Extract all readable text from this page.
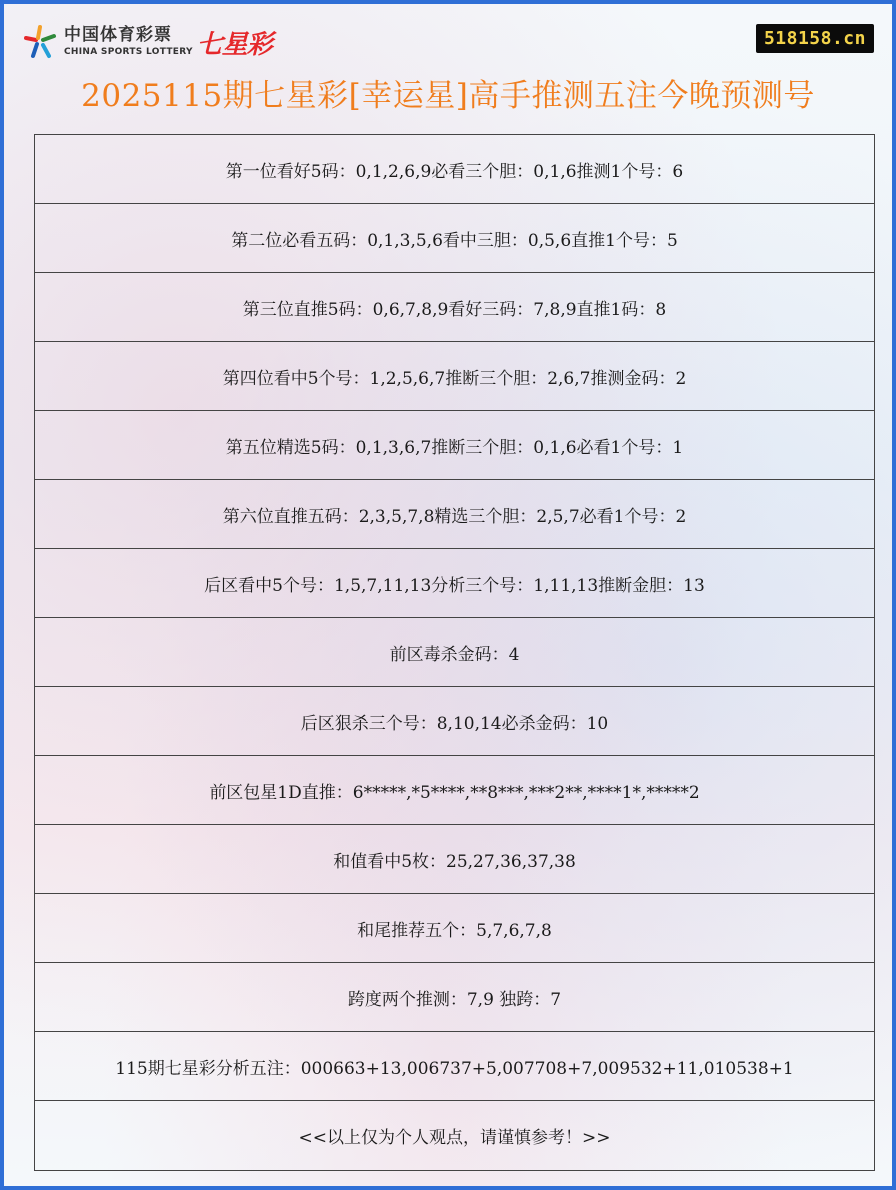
中国体育彩票
CHINA SPORTS LOTTERY 七星彩	518158.cn
2025115期七星彩[幸运星]高手推测五注今晚预测号
第一位看好5码：0,1,2,6,9必看三个胆：0,1,6推测1个号：6
第二位必看五码：0,1,3,5,6看中三胆：0,5,6直推1个号：5
第三位直推5码：0,6,7,8,9看好三码：7,8,9直推1码：8
第四位看中5个号：1,2,5,6,7推断三个胆：2,6,7推测金码：2
第五位精选5码：0,1,3,6,7推断三个胆：0,1,6必看1个号：1
第六位直推五码：2,3,5,7,8精选三个胆：2,5,7必看1个号：2
后区看中5个号：1,5,7,11,13分析三个号：1,11,13推断金胆：13
前区毒杀金码：4
后区狠杀三个号：8,10,14必杀金码：10
前区包星1D直推：6*****,*5****,**8***,***2**,****1*,*****2
和值看中5枚：25,27,36,37,38
和尾推荐五个：5,7,6,7,8
跨度两个推测：7,9 独跨：7
115期七星彩分析五注：000663+13,006737+5,007708+7,009532+11,010538+1
<<以上仅为个人观点，请谨慎参考！>>
